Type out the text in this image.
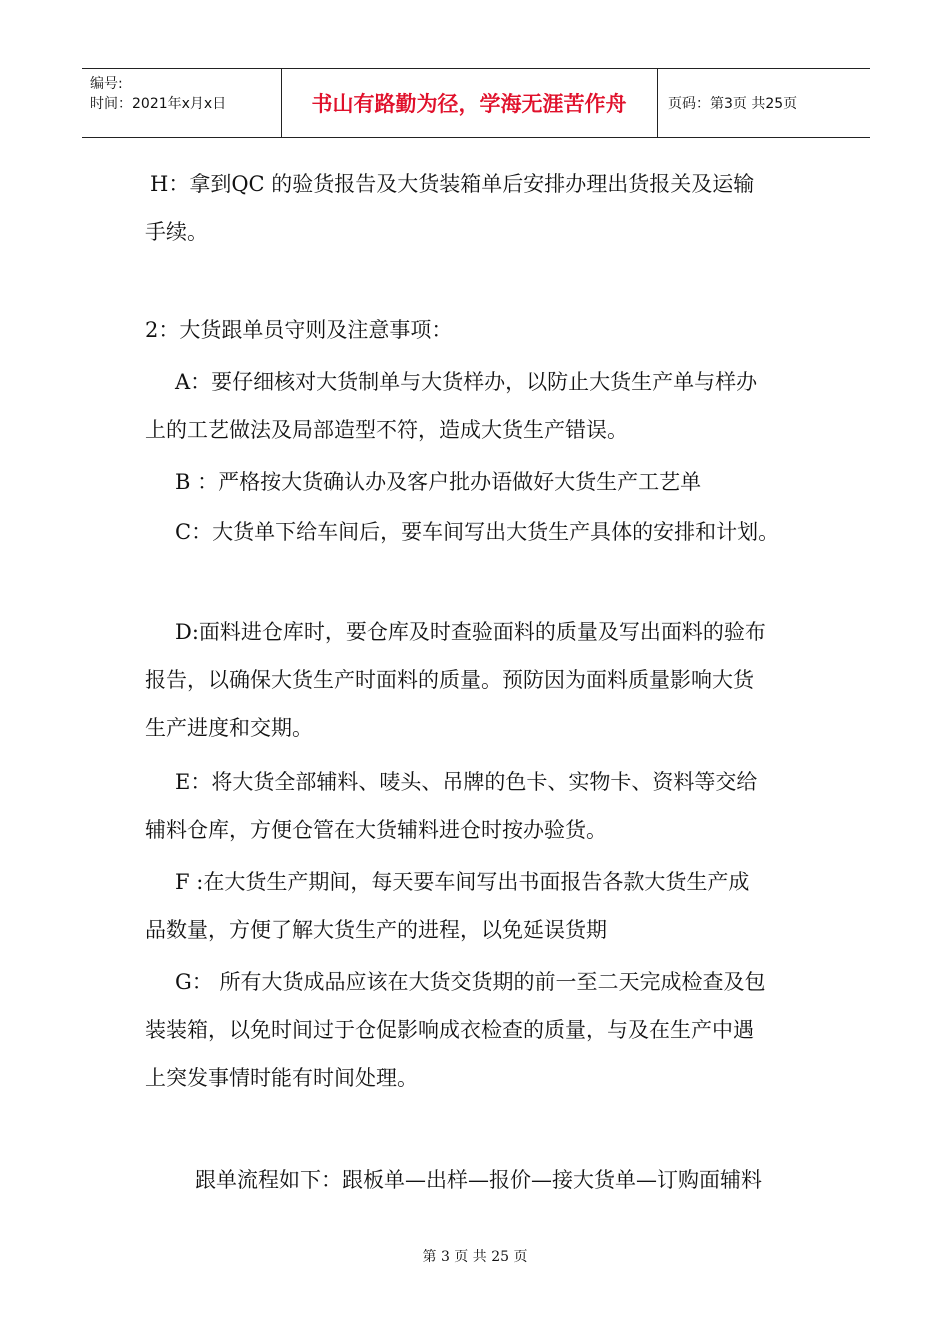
编号:
时间：2021年x月x日	书山有路勤为径，学海无涯苦作舟	页码：第3页 共25页
H：拿到QC 的验货报告及大货装箱单后安排办理出货报关及运输
手续。
2：大货跟单员守则及注意事项：
A：要仔细核对大货制单与大货样办，以防止大货生产单与样办
上的工艺做法及局部造型不符，造成大货生产错误。
B ：严格按大货确认办及客户批办语做好大货生产工艺单
C：大货单下给车间后，要车间写出大货生产具体的安排和计划。
D:面料进仓库时，要仓库及时查验面料的质量及写出面料的验布
报告，以确保大货生产时面料的质量。预防因为面料质量影响大货
生产进度和交期。
E：将大货全部辅料、唛头、吊牌的色卡、实物卡、资料等交给
辅料仓库，方便仓管在大货辅料进仓时按办验货。
F :在大货生产期间，每天要车间写出书面报告各款大货生产成
品数量，方便了解大货生产的进程，以免延误货期
G： 所有大货成品应该在大货交货期的前一至二天完成检查及包
装装箱，以免时间过于仓促影响成衣检查的质量，与及在生产中遇
上突发事情时能有时间处理。
跟单流程如下：跟板单—出样—报价—接大货单—订购面辅料
第 3 页 共 25 页
